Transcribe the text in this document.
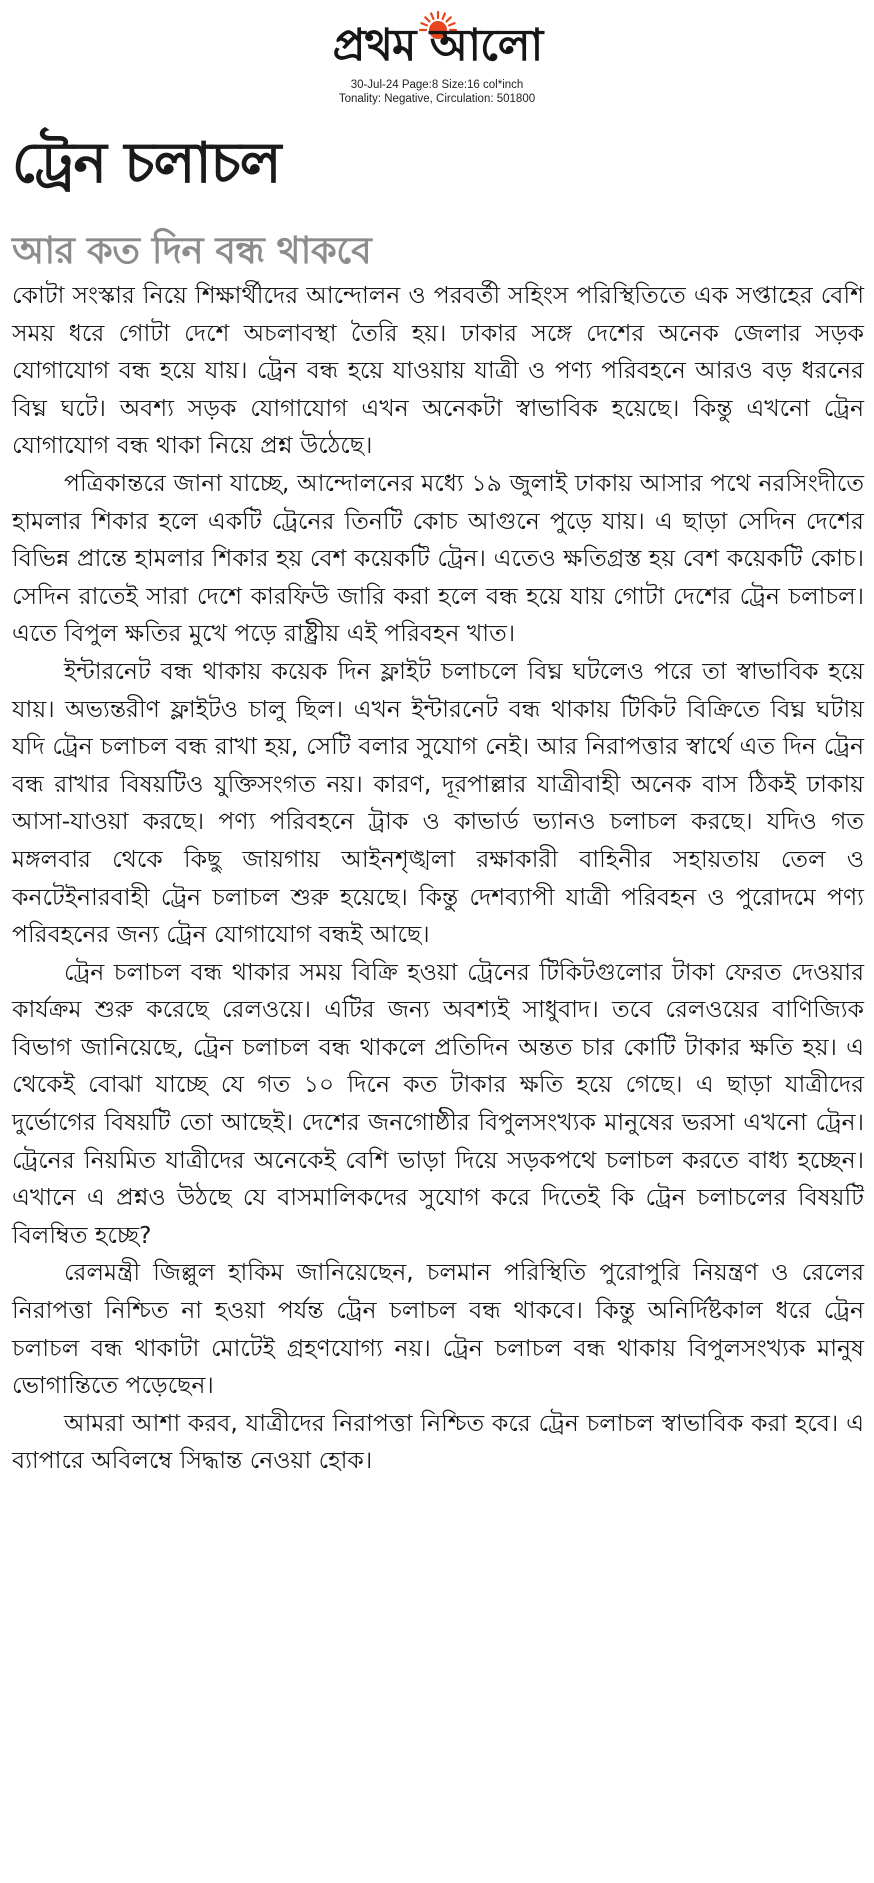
প্রথম আলো
30-Jul-24 Page:8 Size:16 col*inch
Tonality: Negative, Circulation: 501800
ট্রেন চলাচল
আর কত দিন বন্ধ থাকবে

কোটা সংস্কার নিয়ে শিক্ষার্থীদের আন্দোলন ও পরবর্তী সহিংস পরিস্থিতিতে এক সপ্তাহের বেশি সময় ধরে গোটা দেশে অচলাবস্থা তৈরি হয়। ঢাকার সঙ্গে দেশের অনেক জেলার সড়ক যোগাযোগ বন্ধ হয়ে যায়। ট্রেন বন্ধ হয়ে যাওয়ায় যাত্রী ও পণ্য পরিবহনে আরও বড় ধরনের বিঘ্ন ঘটে। অবশ্য সড়ক যোগাযোগ এখন অনেকটা স্বাভাবিক হয়েছে। কিন্তু এখনো ট্রেন যোগাযোগ বন্ধ থাকা নিয়ে প্রশ্ন উঠেছে।

পত্রিকান্তরে জানা যাচ্ছে, আন্দোলনের মধ্যে ১৯ জুলাই ঢাকায় আসার পথে নরসিংদীতে হামলার শিকার হলে একটি ট্রেনের তিনটি কোচ আগুনে পুড়ে যায়। এ ছাড়া সেদিন দেশের বিভিন্ন প্রান্তে হামলার শিকার হয় বেশ কয়েকটি ট্রেন। এতেও ক্ষতিগ্রস্ত হয় বেশ কয়েকটি কোচ। সেদিন রাতেই সারা দেশে কারফিউ জারি করা হলে বন্ধ হয়ে যায় গোটা দেশের ট্রেন চলাচল। এতে বিপুল ক্ষতির মুখে পড়ে রাষ্ট্রীয় এই পরিবহন খাত।

ইন্টারনেট বন্ধ থাকায় কয়েক দিন ফ্লাইট চলাচলে বিঘ্ন ঘটলেও পরে তা স্বাভাবিক হয়ে যায়। অভ্যন্তরীণ ফ্লাইটও চালু ছিল। এখন ইন্টারনেট বন্ধ থাকায় টিকিট বিক্রিতে বিঘ্ন ঘটায় যদি ট্রেন চলাচল বন্ধ রাখা হয়, সেটি বলার সুযোগ নেই। আর নিরাপত্তার স্বার্থে এত দিন ট্রেন বন্ধ রাখার বিষয়টিও যুক্তিসংগত নয়। কারণ, দূরপাল্লার যাত্রীবাহী অনেক বাস ঠিকই ঢাকায় আসা-যাওয়া করছে। পণ্য পরিবহনে ট্রাক ও কাভার্ড ভ্যানও চলাচল করছে। যদিও গত মঙ্গলবার থেকে কিছু জায়গায় আইনশৃঙ্খলা রক্ষাকারী বাহিনীর সহায়তায় তেল ও কনটেইনারবাহী ট্রেন চলাচল শুরু হয়েছে। কিন্তু দেশব্যাপী যাত্রী পরিবহন ও পুরোদমে পণ্য পরিবহনের জন্য ট্রেন যোগাযোগ বন্ধই আছে।

ট্রেন চলাচল বন্ধ থাকার সময় বিক্রি হওয়া ট্রেনের টিকিটগুলোর টাকা ফেরত দেওয়ার কার্যক্রম শুরু করেছে রেলওয়ে। এটির জন্য অবশ্যই সাধুবাদ। তবে রেলওয়ের বাণিজ্যিক বিভাগ জানিয়েছে, ট্রেন চলাচল বন্ধ থাকলে প্রতিদিন অন্তত চার কোটি টাকার ক্ষতি হয়। এ থেকেই বোঝা যাচ্ছে যে গত ১০ দিনে কত টাকার ক্ষতি হয়ে গেছে। এ ছাড়া যাত্রীদের দুর্ভোগের বিষয়টি তো আছেই। দেশের জনগোষ্ঠীর বিপুলসংখ্যক মানুষের ভরসা এখনো ট্রেন। ট্রেনের নিয়মিত যাত্রীদের অনেকেই বেশি ভাড়া দিয়ে সড়কপথে চলাচল করতে বাধ্য হচ্ছেন। এখানে এ প্রশ্নও উঠছে যে বাসমালিকদের সুযোগ করে দিতেই কি ট্রেন চলাচলের বিষয়টি বিলম্বিত হচ্ছে?

রেলমন্ত্রী জিল্লুল হাকিম জানিয়েছেন, চলমান পরিস্থিতি পুরোপুরি নিয়ন্ত্রণ ও রেলের নিরাপত্তা নিশ্চিত না হওয়া পর্যন্ত ট্রেন চলাচল বন্ধ থাকবে। কিন্তু অনির্দিষ্টকাল ধরে ট্রেন চলাচল বন্ধ থাকাটা মোটেই গ্রহণযোগ্য নয়। ট্রেন চলাচল বন্ধ থাকায় বিপুলসংখ্যক মানুষ ভোগান্তিতে পড়েছেন।

আমরা আশা করব, যাত্রীদের নিরাপত্তা নিশ্চিত করে ট্রেন চলাচল স্বাভাবিক করা হবে। এ ব্যাপারে অবিলম্বে সিদ্ধান্ত নেওয়া হোক।
